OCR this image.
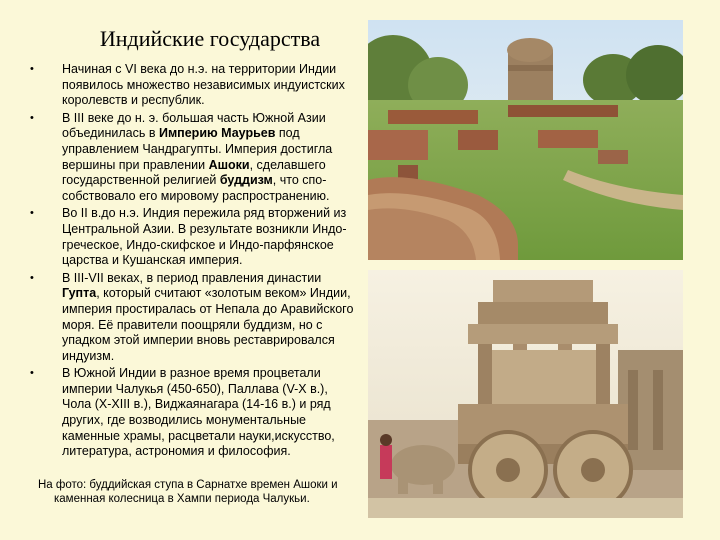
Индийские государства
• Начиная с VI века до н.э. на территории Индии появилось множество независимых индуистских королевств и республик.
• В III веке до н. э. большая часть Южной Азии объединилась в Империю Маурьев под управлением Чандрагупты. Империя достигла вершины при правлении Ашоки, сделавшего государственной религией буддизм, что спо-собствовало его мировому распространению.
• Во II в.до н.э. Индия пережила ряд вторжений из Центральной Азии. В результате возникли Индо-греческое, Индо-скифское и Индо-парфянское царства и Кушанская империя.
• В III-VII веках, в период правления династии Гупта, который считают «золотым веком» Индии, империя простиралась от Непала до Аравийского моря. Её правители поощряли буддизм, но с упадком этой империи вновь реставрировался индуизм.
• В Южной Индии в разное время процветали империи Чалукья (450-650), Паллава (V-X в.), Чола (X-XIII в.), Виджаянагара (14-16 в.) и ряд других, где возводились монументальные каменные храмы, расцветали науки,искусство, литература, астрономия и философия.
На фото: буддийская ступа в Сарнатхе времен Ашоки и
каменная колесница в Хампи периода Чалукьи.
